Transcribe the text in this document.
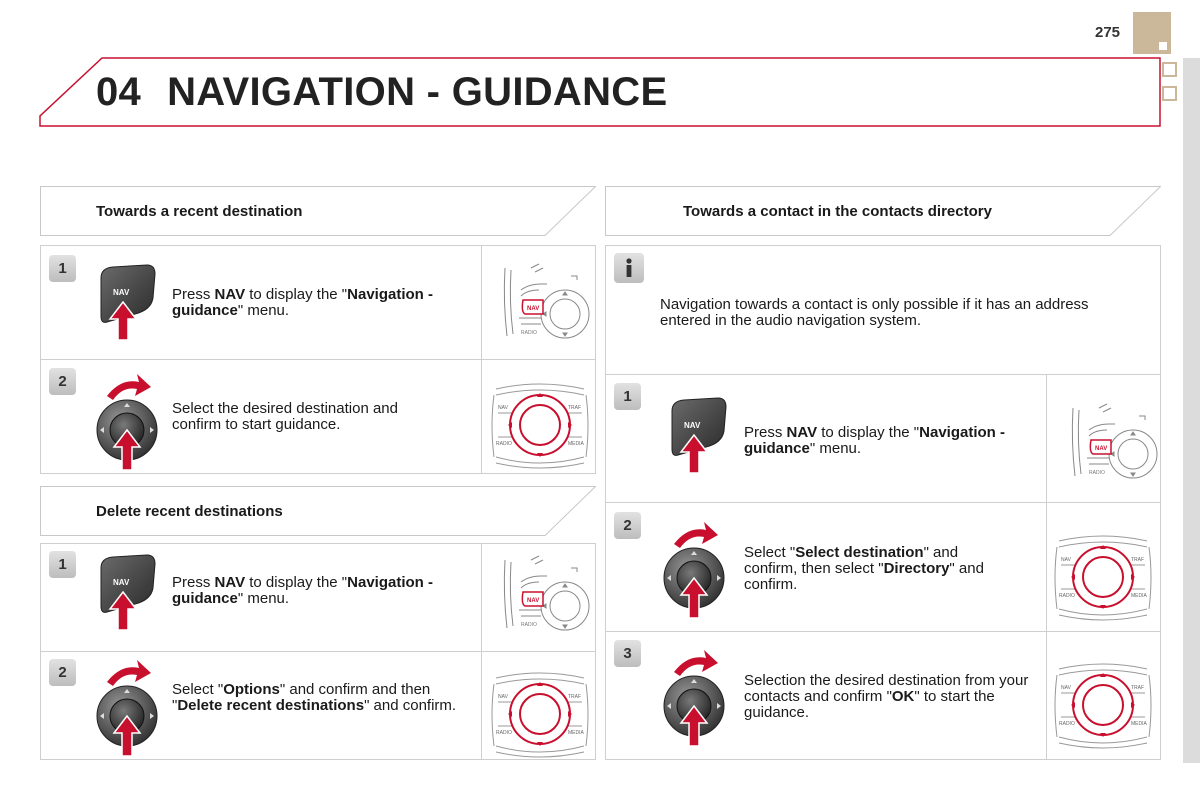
275
04 NAVIGATION - GUIDANCE
Towards a recent destination
1
NAV	Press NAV to display the "Navigation - guidance" menu.	NAV
RADIO
2
Select the desired destination and confirm to start guidance.
NAV	TRAF
RADIO	MEDIA
Delete recent destinations
1
NAV	Press NAV to display the "Navigation - guidance" menu.	NAV
RADIO
2
Select "Options" and confirm and then "Delete recent destinations" and confirm.	NAV	TRAF
RADIO	MEDIA
Towards a contact in the contacts directory
Navigation towards a contact is only possible if it has an address entered in the audio navigation system.
1
NAV	Press NAV to display the "Navigation - guidance" menu.	NAV
RADIO
2
Select "Select destination" and confirm, then select "Directory" and confirm.
NAV	TRAF
RADIO	MEDIA
3
Selection the desired destination from your contacts and confirm "OK" to start the guidance.
NAV	TRAF
RADIO	MEDIA
